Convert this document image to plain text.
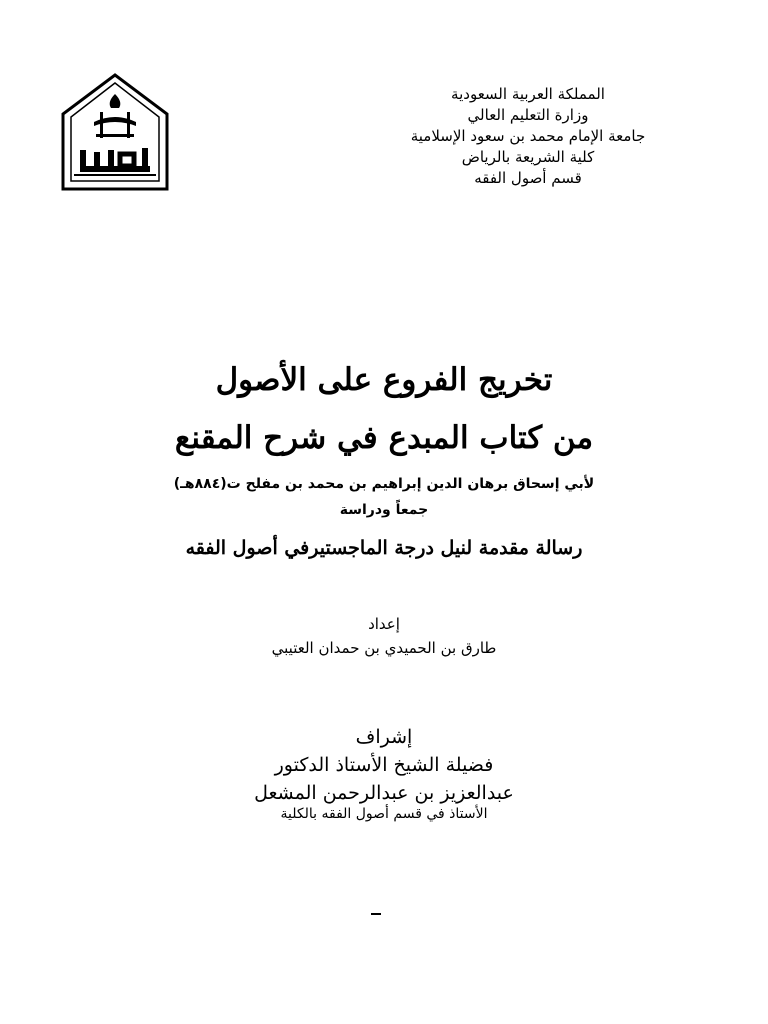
المملكة العربية السعودية
وزارة التعليم العالي
جامعة الإمام محمد بن سعود الإسلامية
كلية الشريعة بالرياض
قسم أصول الفقه
تخريج الفروع على الأصول
من كتاب المبدع في شرح المقنع
لأبي إسحاق برهان الدين إبراهيم بن محمد بن مفلح ت(٨٨٤هـ)
جمعاً ودراسة
رسالة مقدمة لنيل درجة الماجستيرفي أصول الفقه
إعداد
طارق بن الحميدي بن حمدان العتيبي
إشراف
فضيلة الشيخ الأستاذ الدكتور
عبدالعزيز بن عبدالرحمن المشعل
الأستاذ في قسم أصول الفقه بالكلية
